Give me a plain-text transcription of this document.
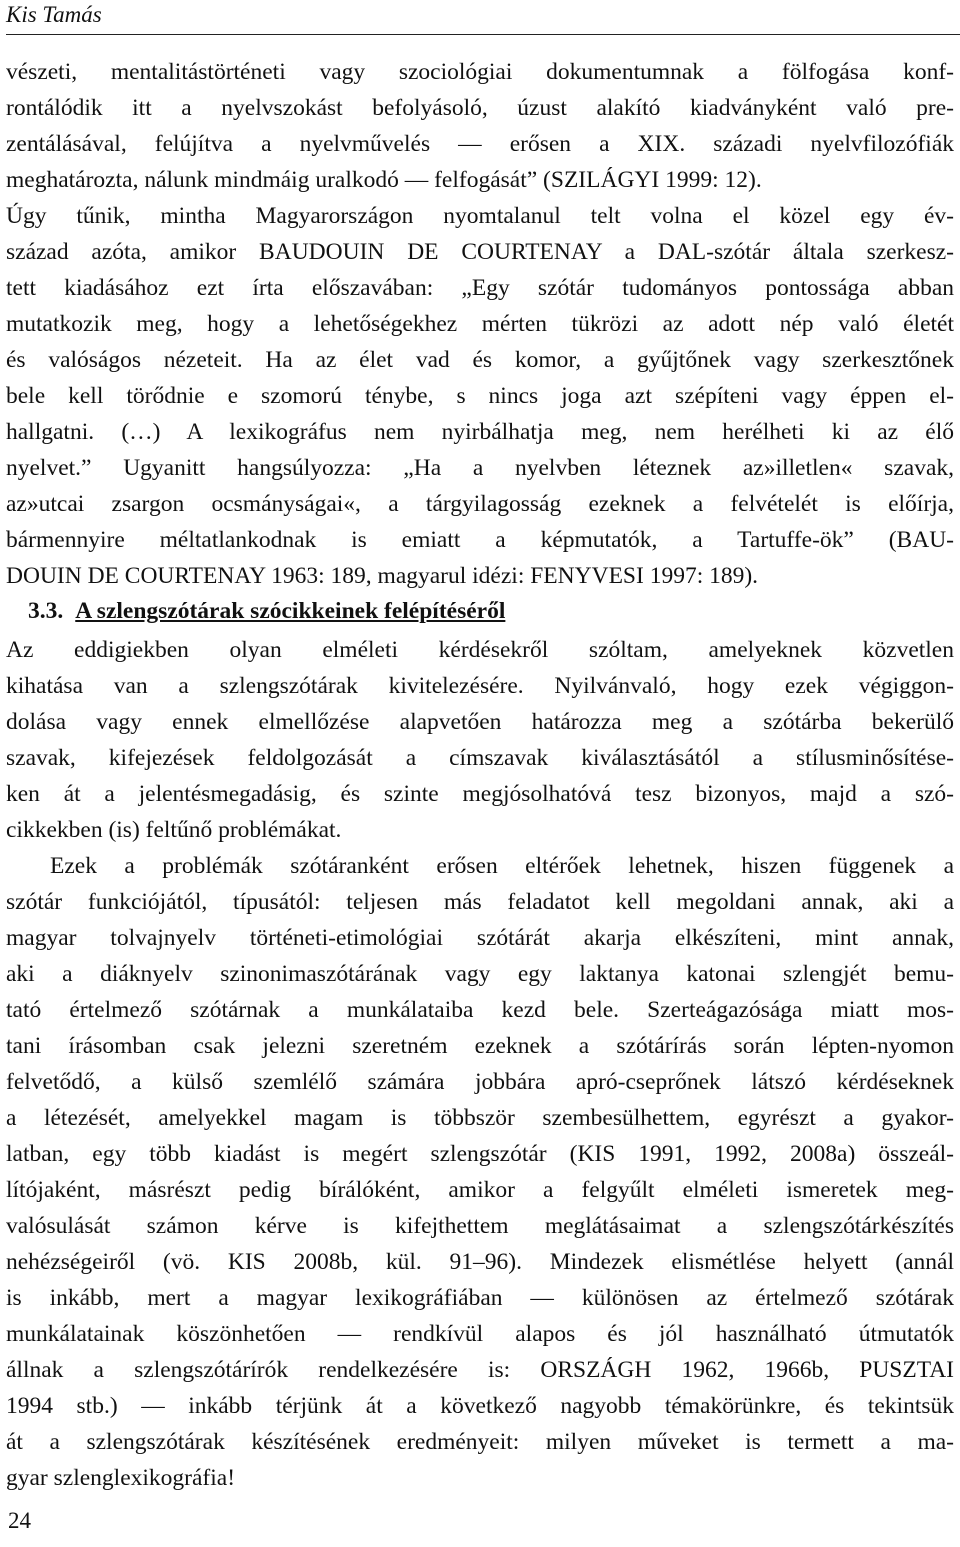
Kis Tamás
vészeti, mentalitástörténeti vagy szociológiai dokumentumnak a fölfogása konf-
rontálódik itt a nyelvszokást befolyásoló, úzust alakító kiadványként való pre-
zentálásával, felújítva a nyelvművelés — erősen a XIX. századi nyelvfilozófiák
meghatározta, nálunk mindmáig uralkodó — felfogását” (SZILÁGYI 1999: 12).
Úgy tűnik, mintha Magyarországon nyomtalanul telt volna el közel egy év-
század azóta, amikor BAUDOUIN DE COURTENAY a DAL-szótár általa szerkesz-
tett kiadásához ezt írta előszavában: „Egy szótár tudományos pontossága abban
mutatkozik meg, hogy a lehetőségekhez mérten tükrözi az adott nép való életét
és valóságos nézeteit. Ha az élet vad és komor, a gyűjtőnek vagy szerkesztőnek
bele kell törődnie e szomorú ténybe, s nincs joga azt szépíteni vagy éppen el-
hallgatni. (…) A lexikográfus nem nyirbálhatja meg, nem herélheti ki az élő
nyelvet.” Ugyanitt hangsúlyozza: „Ha a nyelvben léteznek az»illetlen« szavak,
az»utcai zsargon ocsmányságai«, a tárgyilagosság ezeknek a felvételét is előírja,
bármennyire méltatlankodnak is emiatt a képmutatók, a Tartuffe-ök” (BAU-
DOUIN DE COURTENAY 1963: 189, magyarul idézi: FENYVESI 1997: 189).
3.3. A szlengszótárak szócikkeinek felépítéséről
Az eddigiekben olyan elméleti kérdésekről szóltam, amelyeknek közvetlen
kihatása van a szlengszótárak kivitelezésére. Nyilvánvaló, hogy ezek végiggon-
dolása vagy ennek elmellőzése alapvetően határozza meg a szótárba bekerülő
szavak, kifejezések feldolgozását a címszavak kiválasztásától a stílusminősítése-
ken át a jelentésmegadásig, és szinte megjósolhatóvá tesz bizonyos, majd a szó-
cikkekben (is) feltűnő problémákat.
Ezek a problémák szótáranként erősen eltérőek lehetnek, hiszen függenek a
szótár funkciójától, típusától: teljesen más feladatot kell megoldani annak, aki a
magyar tolvajnyelv történeti-etimológiai szótárát akarja elkészíteni, mint annak,
aki a diáknyelv szinonimaszótárának vagy egy laktanya katonai szlengjét bemu-
tató értelmező szótárnak a munkálataiba kezd bele. Szerteágazósága miatt mos-
tani írásomban csak jelezni szeretném ezeknek a szótárírás során lépten-nyomon
felvetődő, a külső szemlélő számára jobbára apró-cseprőnek látszó kérdéseknek
a létezését, amelyekkel magam is többször szembesülhettem, egyrészt a gyakor-
latban, egy több kiadást is megért szlengszótár (KIS 1991, 1992, 2008a) összeál-
lítójaként, másrészt pedig bírálóként, amikor a felgyűlt elméleti ismeretek meg-
valósulását számon kérve is kifejthettem meglátásaimat a szlengszótárkészítés
nehézségeiről (vö. KIS 2008b, kül. 91–96). Mindezek elismétlése helyett (annál
is inkább, mert a magyar lexikográfiában — különösen az értelmező szótárak
munkálatainak köszönhetően — rendkívül alapos és jól használható útmutatók
állnak a szlengszótárírók rendelkezésére is: ORSZÁGH 1962, 1966b, PUSZTAI
1994 stb.) — inkább térjünk át a következő nagyobb témakörünkre, és tekintsük
át a szlengszótárak készítésének eredményeit: milyen műveket is termett a ma-
gyar szlenglexikográfia!
24
